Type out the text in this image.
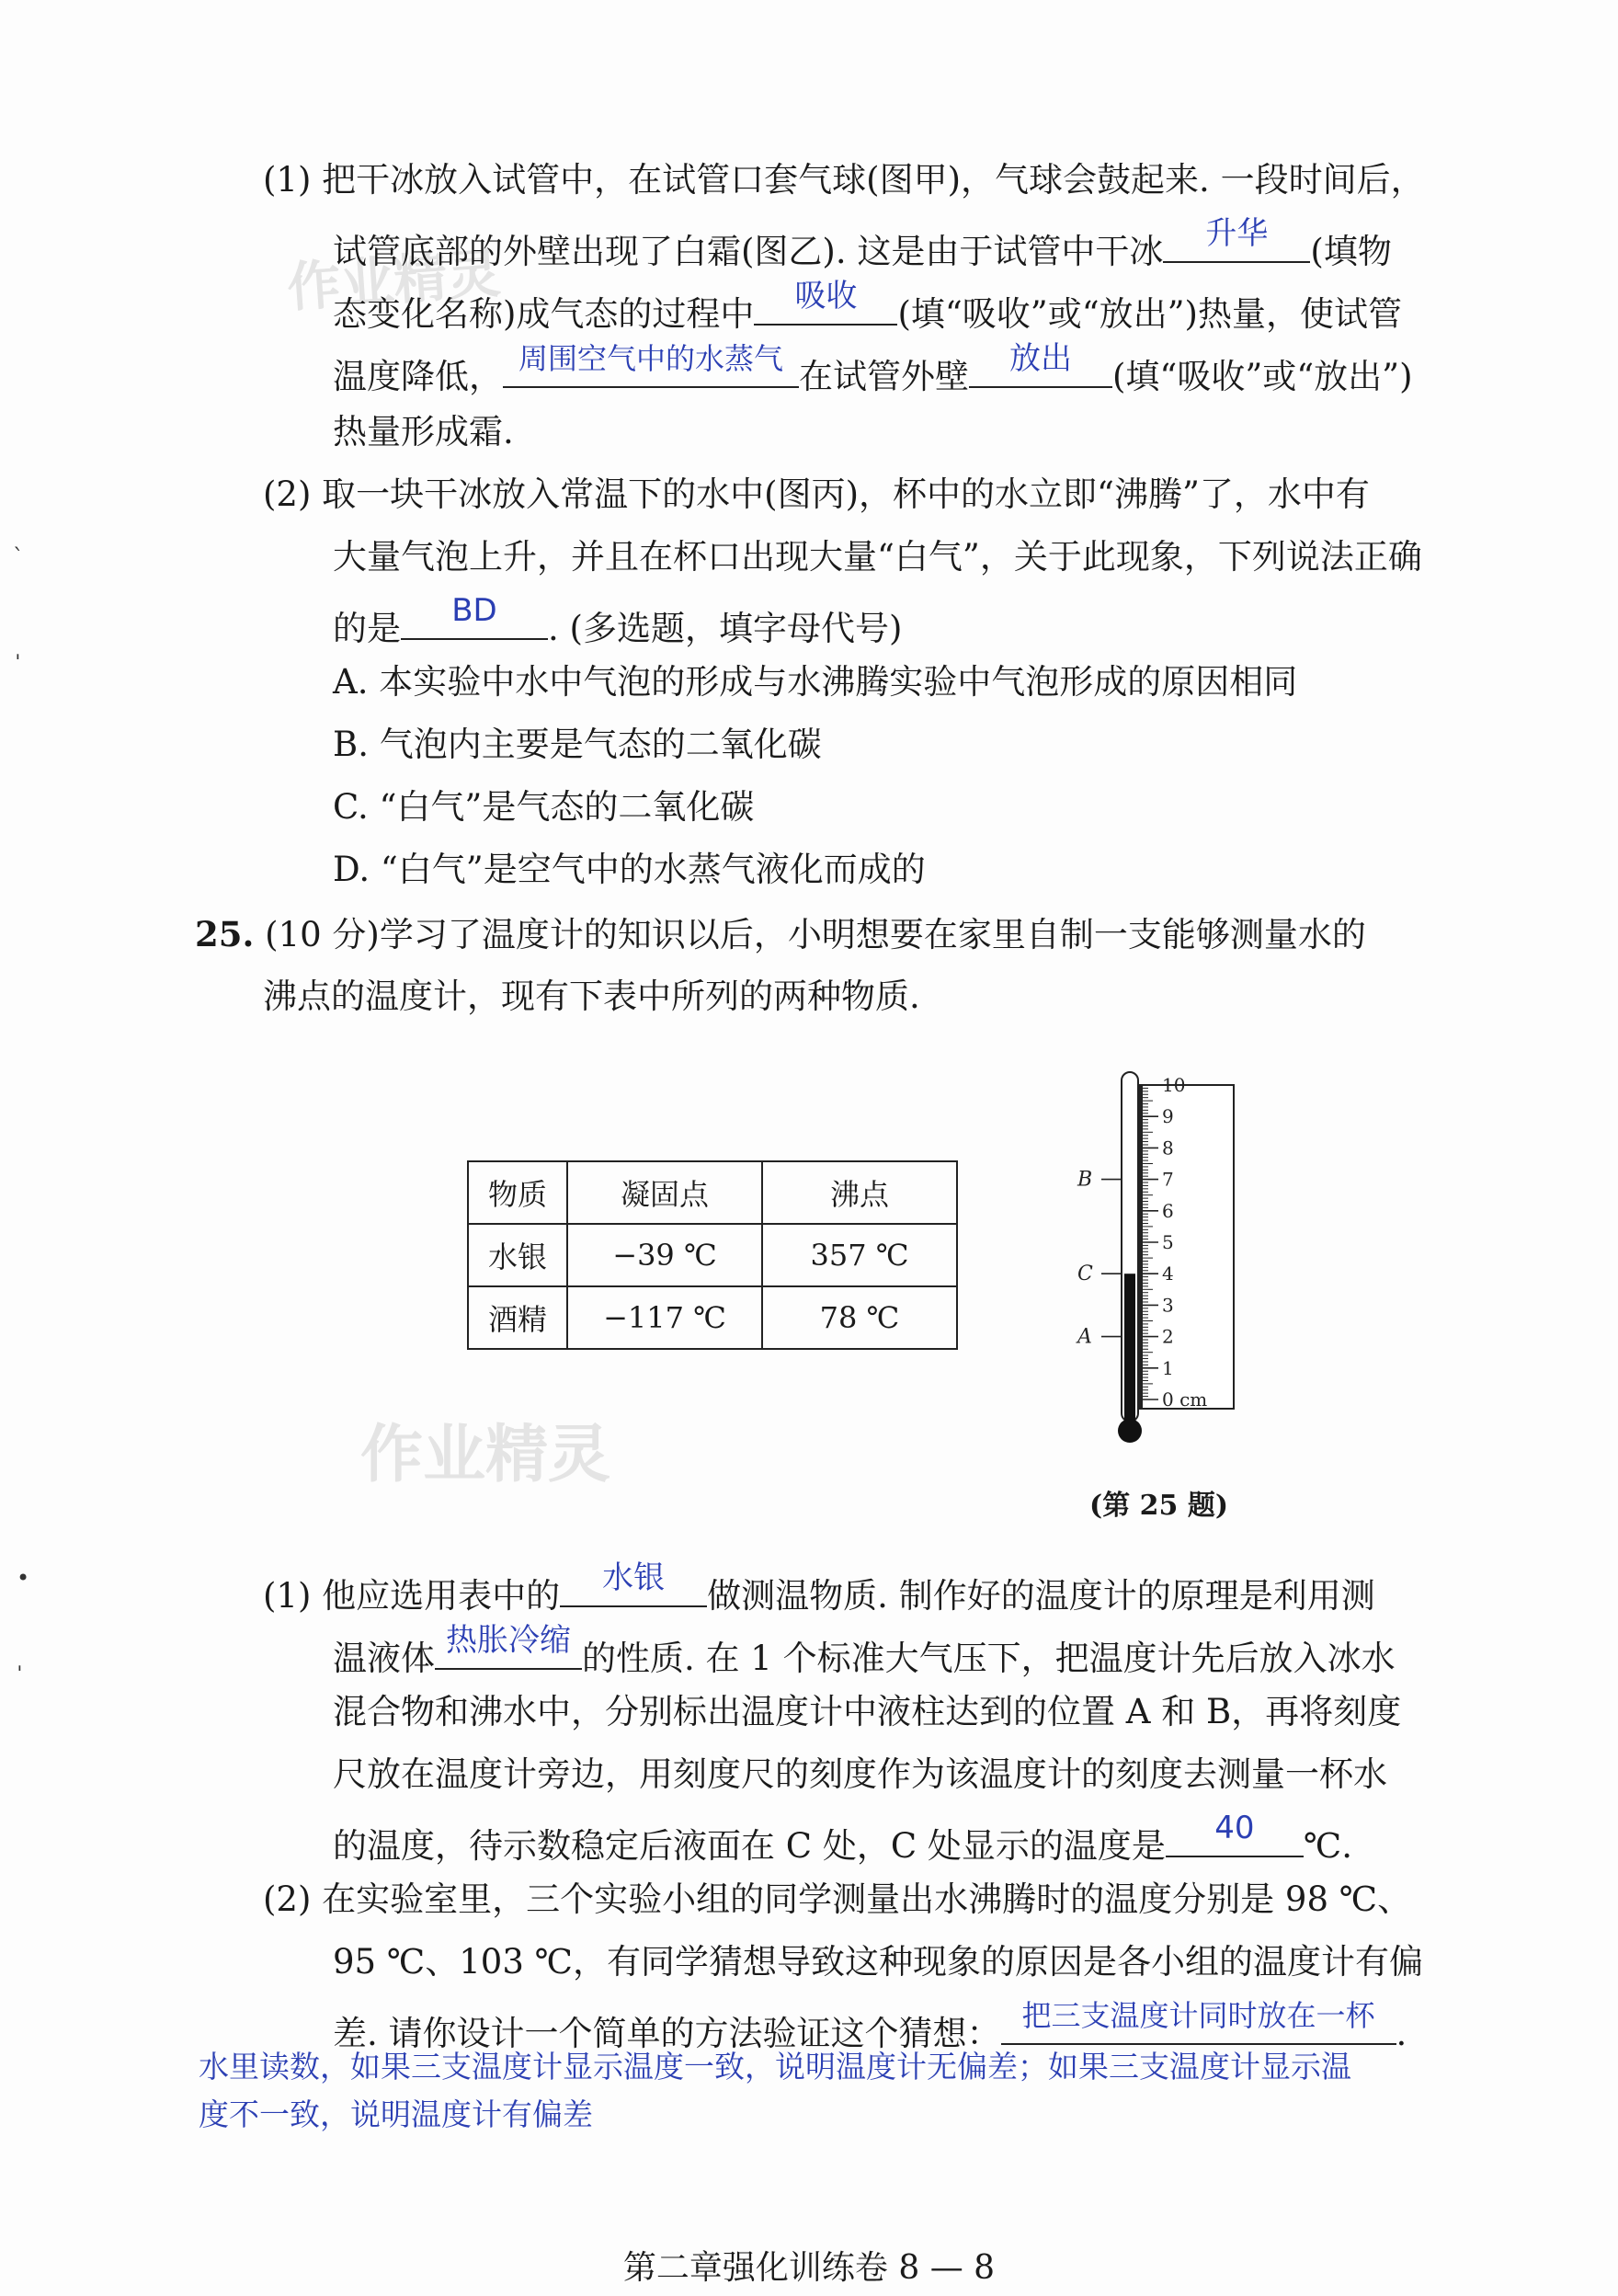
作业精灵
作业精灵
ˋ
ˈ
•
ˈ
(1) 把干冰放入试管中，在试管口套气球(图甲)，气球会鼓起来. 一段时间后，
试管底部的外壁出现了白霜(图乙). 这是由于试管中干冰	升华	(填物
态变化名称)成气态的过程中	吸收	(填“吸收”或“放出”)热量，使试管
温度降低， 周围空气中的水蒸气 在试管外壁	放出	(填“吸收”或“放出”)
热量形成霜.
(2) 取一块干冰放入常温下的水中(图丙)，杯中的水立即“沸腾”了，水中有
大量气泡上升，并且在杯口出现大量“白气”，关于此现象，下列说法正确
的是	BD	. (多选题，填字母代号)
A. 本实验中水中气泡的形成与水沸腾实验中气泡形成的原因相同
B. 气泡内主要是气态的二氧化碳
C. “白气”是气态的二氧化碳
D. “白气”是空气中的水蒸气液化而成的
25. (10 分)学习了温度计的知识以后，小明想要在家里自制一支能够测量水的
沸点的温度计，现有下表中所列的两种物质.
物质	凝固点	沸点
水银	−39 ℃	357 ℃
酒精	−117 ℃	78 ℃
0 cm
1
2
3
4
5
6
7
8
9
10
A
B
C
(第 25 题)
(1) 他应选用表中的	水银	做测温物质. 制作好的温度计的原理是利用测
温液体 热胀冷缩 的性质. 在 1 个标准大气压下，把温度计先后放入冰水
混合物和沸水中，分别标出温度计中液柱达到的位置 A 和 B，再将刻度
尺放在温度计旁边，用刻度尺的刻度作为该温度计的刻度去测量一杯水
的温度，待示数稳定后液面在 C 处，C 处显示的温度是	40	℃.
(2) 在实验室里，三个实验小组的同学测量出水沸腾时的温度分别是 98 ℃、
95 ℃、103 ℃，有同学猜想导致这种现象的原因是各小组的温度计有偏
差. 请你设计一个简单的方法验证这个猜想： 把三支温度计同时放在一杯 .
水里读数，如果三支温度计显示温度一致，说明温度计无偏差；如果三支温度计显示温
度不一致，说明温度计有偏差
第二章强化训练卷 8 — 8
